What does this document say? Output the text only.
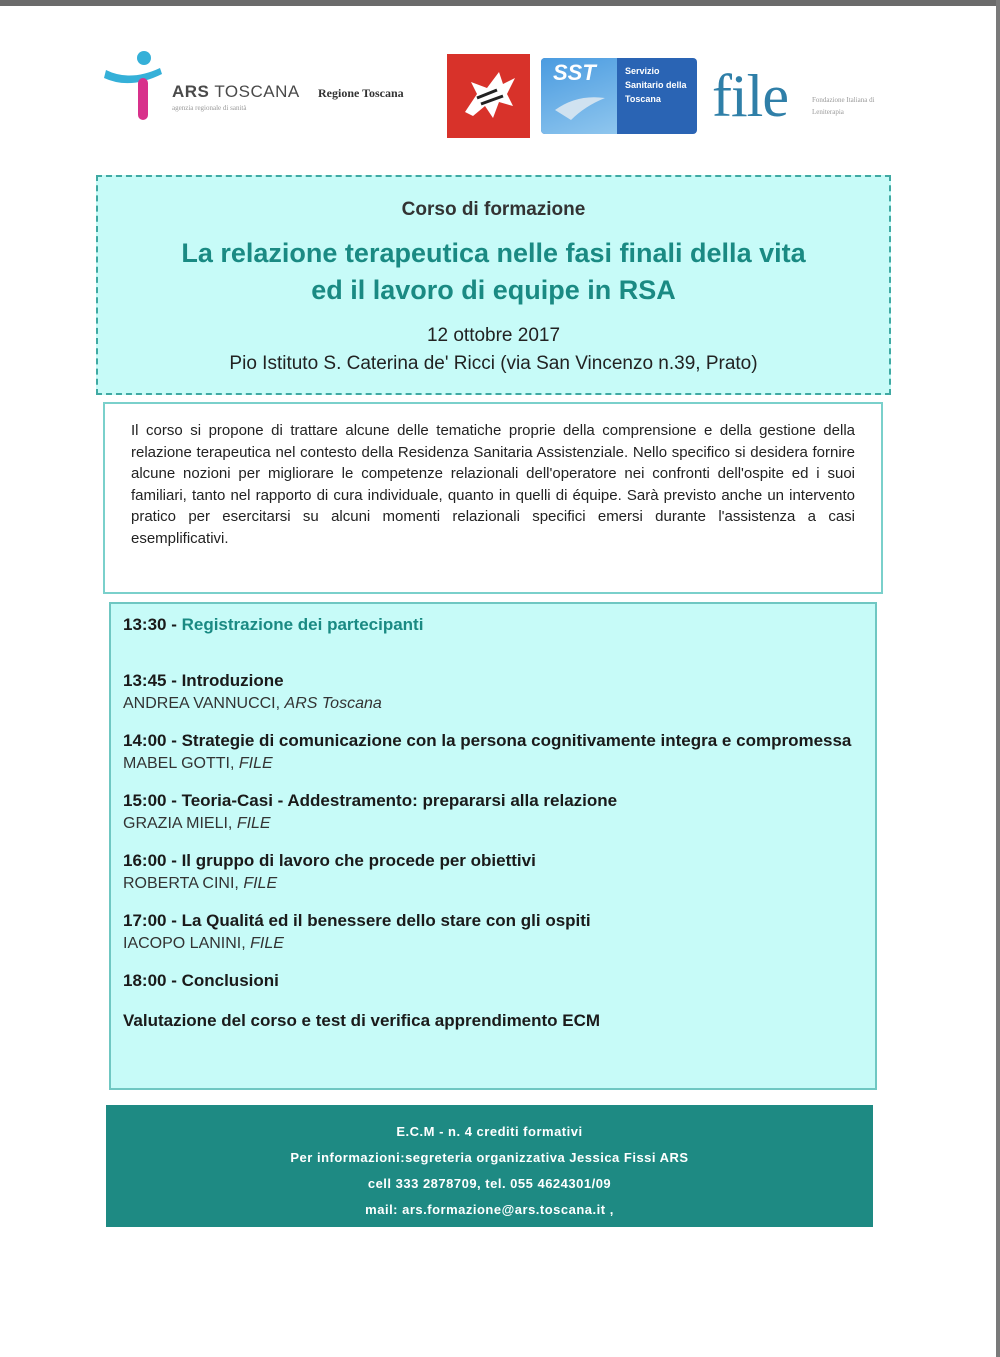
ARS TOSCANA
agenzia regionale di sanità
Regione Toscana
SST	Servizio Sanitario della Toscana file	Fondazione Italiana di Leniterapia
Corso di formazione
La relazione terapeutica nelle fasi finali della vita
ed il lavoro di equipe in RSA
12 ottobre 2017
Pio Istituto S. Caterina de' Ricci (via San Vincenzo n.39, Prato)

Il corso si propone di trattare alcune delle tematiche proprie della comprensione e della gestione della relazione terapeutica nel contesto della Residenza Sanitaria Assistenziale. Nello specifico si desidera fornire alcune nozioni per migliorare le competenze relazionali dell'operatore nei confronti dell'ospite ed i suoi familiari, tanto nel rapporto di cura individuale, quanto in quelli di équipe. Sarà previsto anche un intervento pratico per esercitarsi su alcuni momenti relazionali specifici emersi durante l'assistenza a casi esemplificativi.

13:30 - Registrazione dei partecipanti
13:45 - Introduzione
ANDREA VANNUCCI, ARS Toscana
14:00 - Strategie di comunicazione con la persona cognitivamente integra e compromessa
MABEL GOTTI, FILE
15:00 - Teoria-Casi - Addestramento: prepararsi alla relazione
GRAZIA MIELI, FILE
16:00 - Il gruppo di lavoro che procede per obiettivi
ROBERTA CINI, FILE
17:00 - La Qualitá ed il benessere dello stare con gli ospiti
IACOPO LANINI, FILE
18:00 - Conclusioni
Valutazione del corso e test di verifica apprendimento ECM
E.C.M - n. 4 crediti formativi
Per informazioni:segreteria organizzativa Jessica Fissi ARS
cell 333 2878709, tel. 055 4624301/09
mail: ars.formazione@ars.toscana.it ,
